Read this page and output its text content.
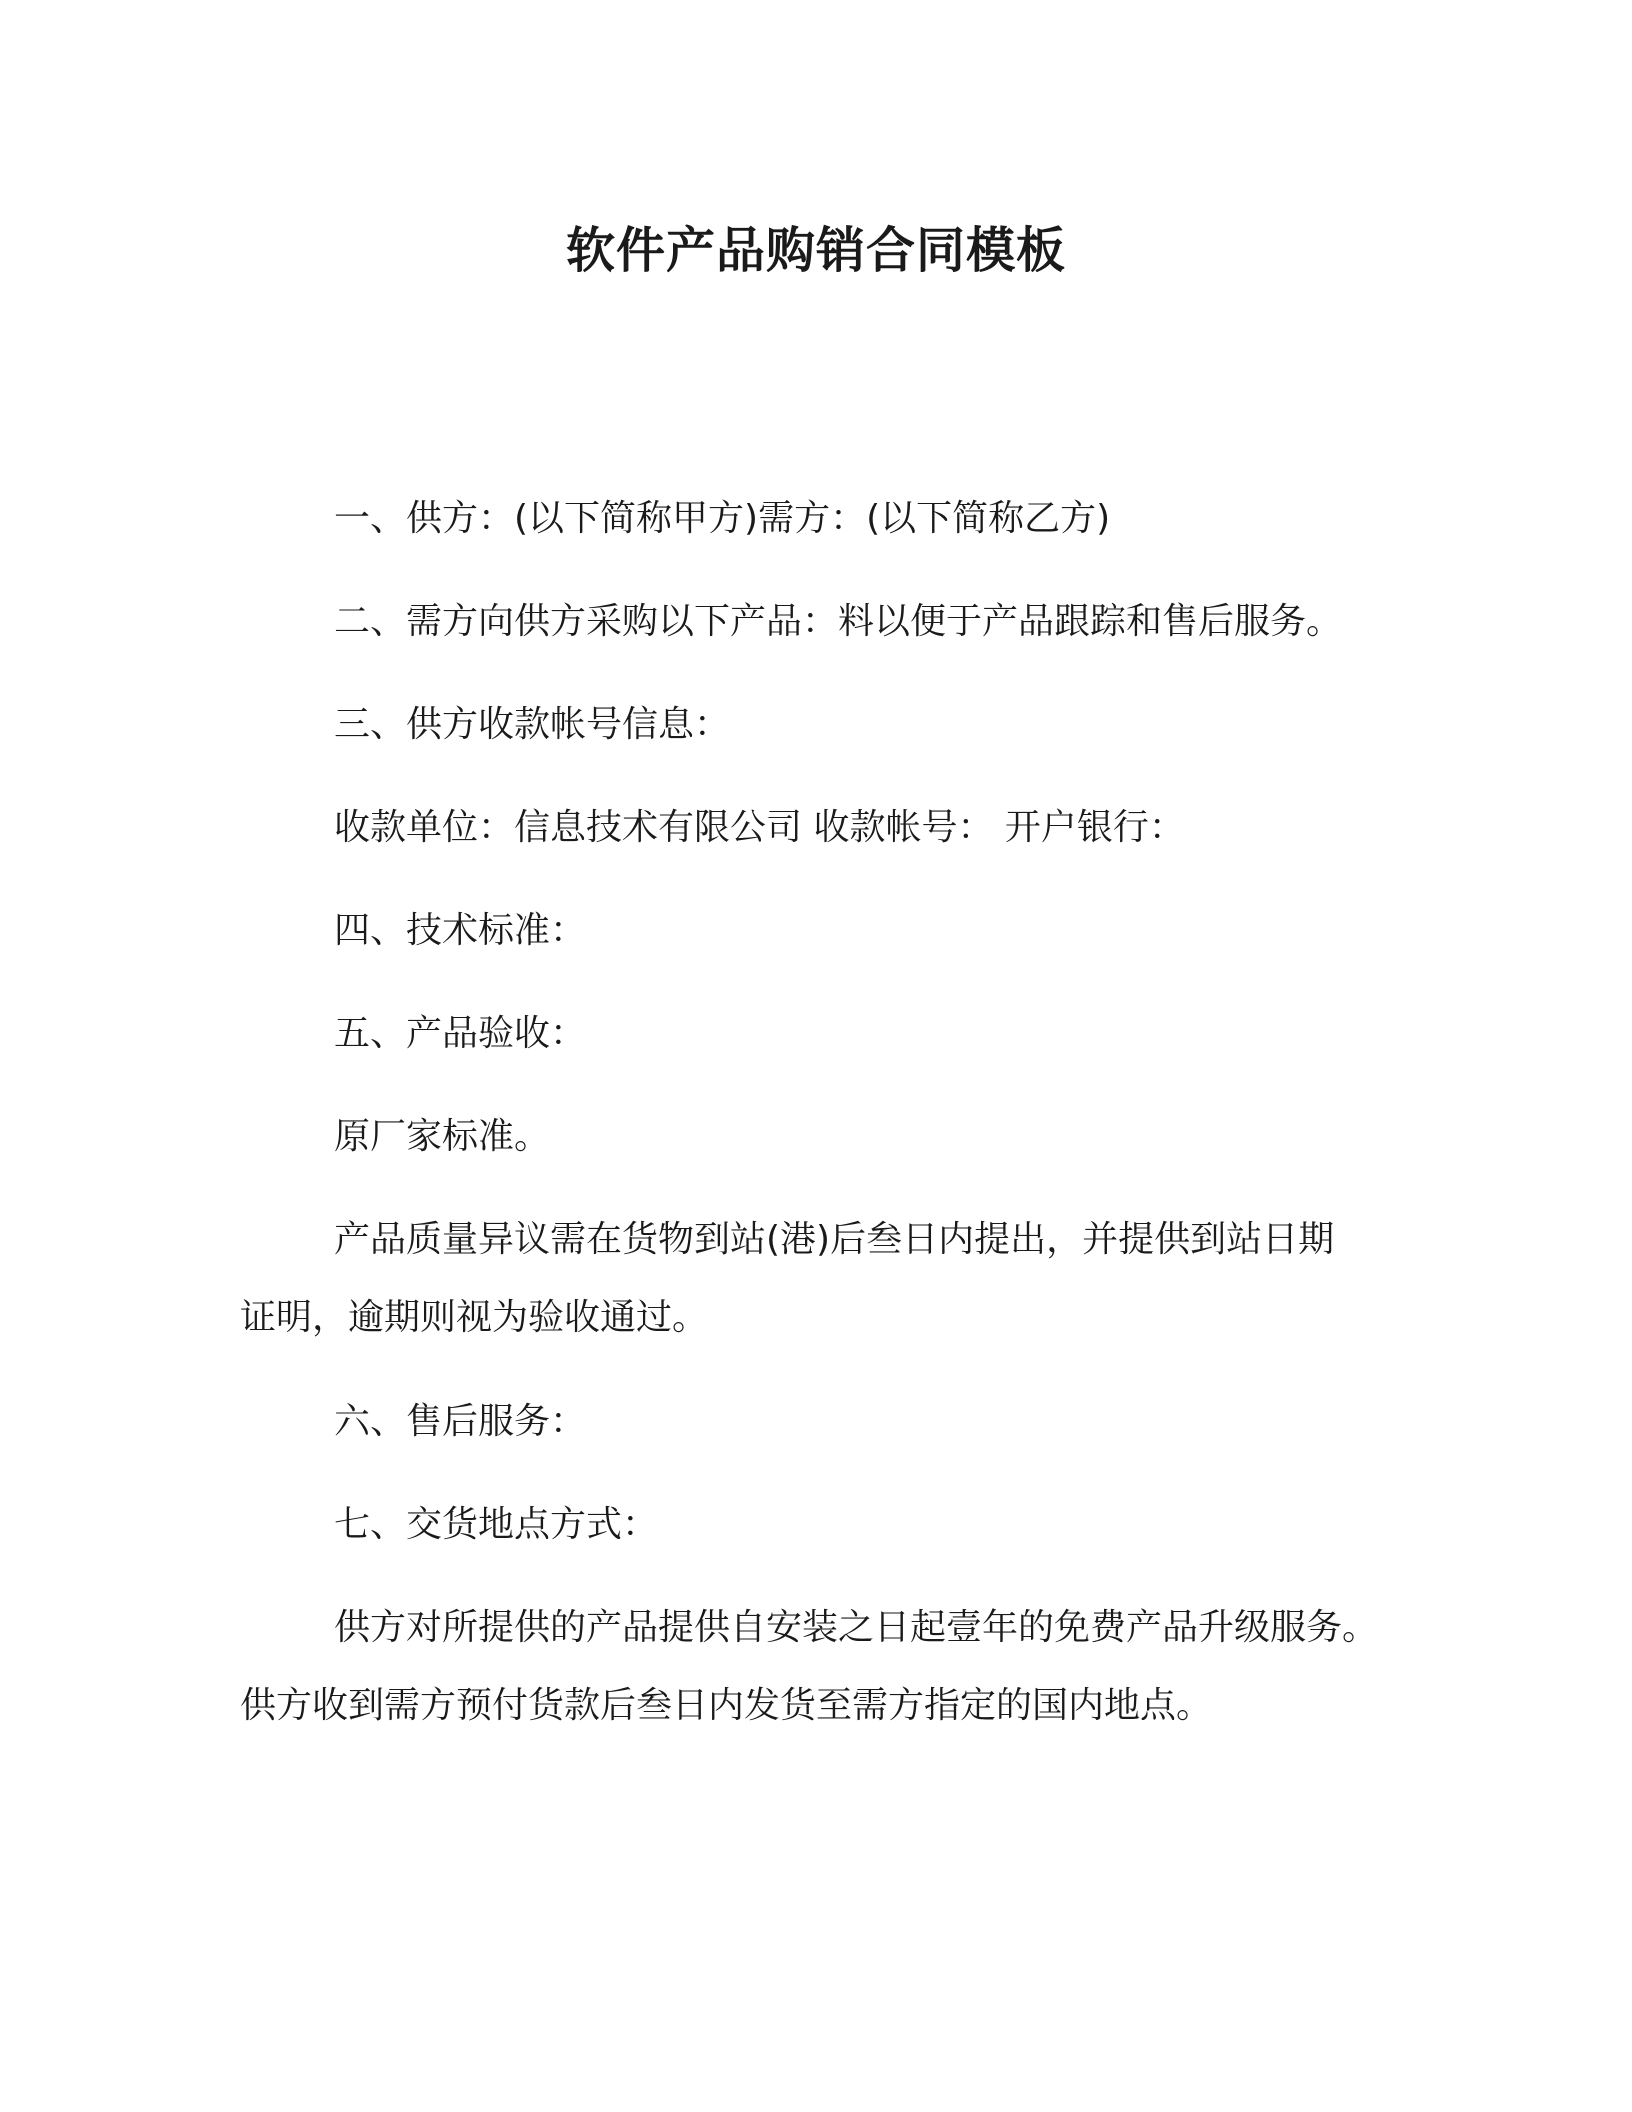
软件产品购销合同模板
一、供方：(以下简称甲方)需方：(以下简称乙方)
二、需方向供方采购以下产品：料以便于产品跟踪和售后服务。
三、供方收款帐号信息：
收款单位：信息技术有限公司 收款帐号： 开户银行：
四、技术标准：
五、产品验收：
原厂家标准。
产品质量异议需在货物到站(港)后叁日内提出，并提供到站日期
证明，逾期则视为验收通过。
六、售后服务：
七、交货地点方式：
供方对所提供的产品提供自安装之日起壹年的免费产品升级服务。
供方收到需方预付货款后叁日内发货至需方指定的国内地点。
